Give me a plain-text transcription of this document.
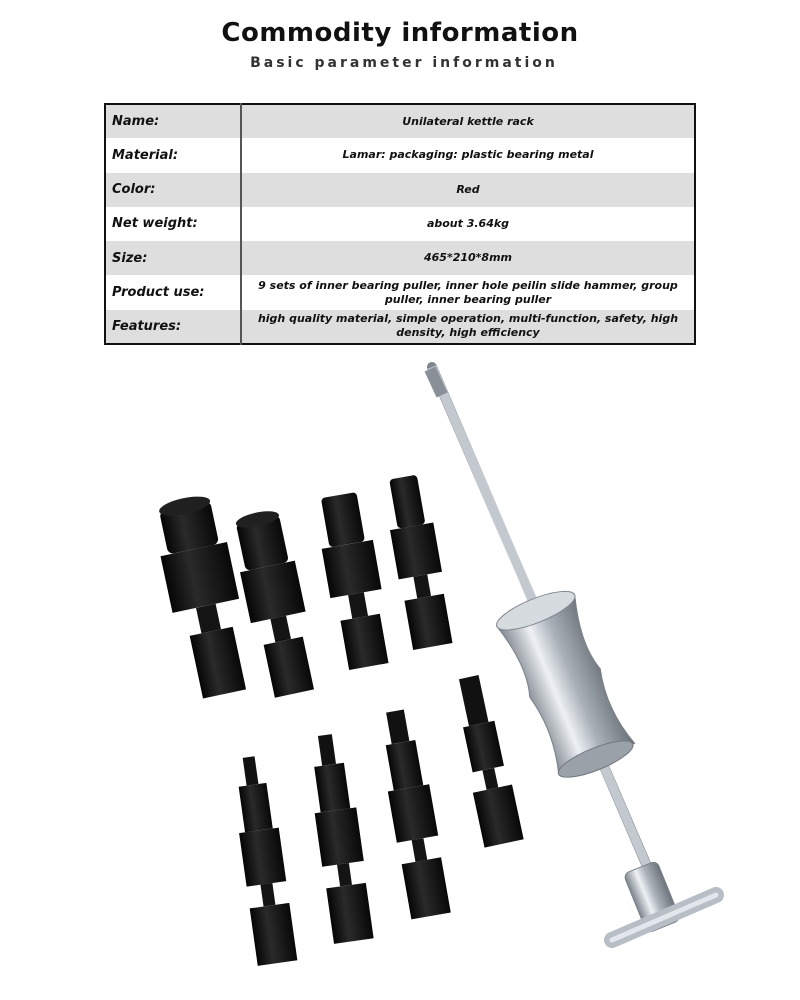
Commodity information
Basic parameter information
Name:	Unilateral kettle rack
Material:	Lamar: packaging: plastic bearing metal
Color:	Red
Net weight:	about 3.64kg
Size:	465*210*8mm
Product use:	9 sets of inner bearing puller, inner hole peilin slide hammer, group puller, inner bearing puller
Features:	high quality material, simple operation, multi-function, safety, high density, high efficiency
